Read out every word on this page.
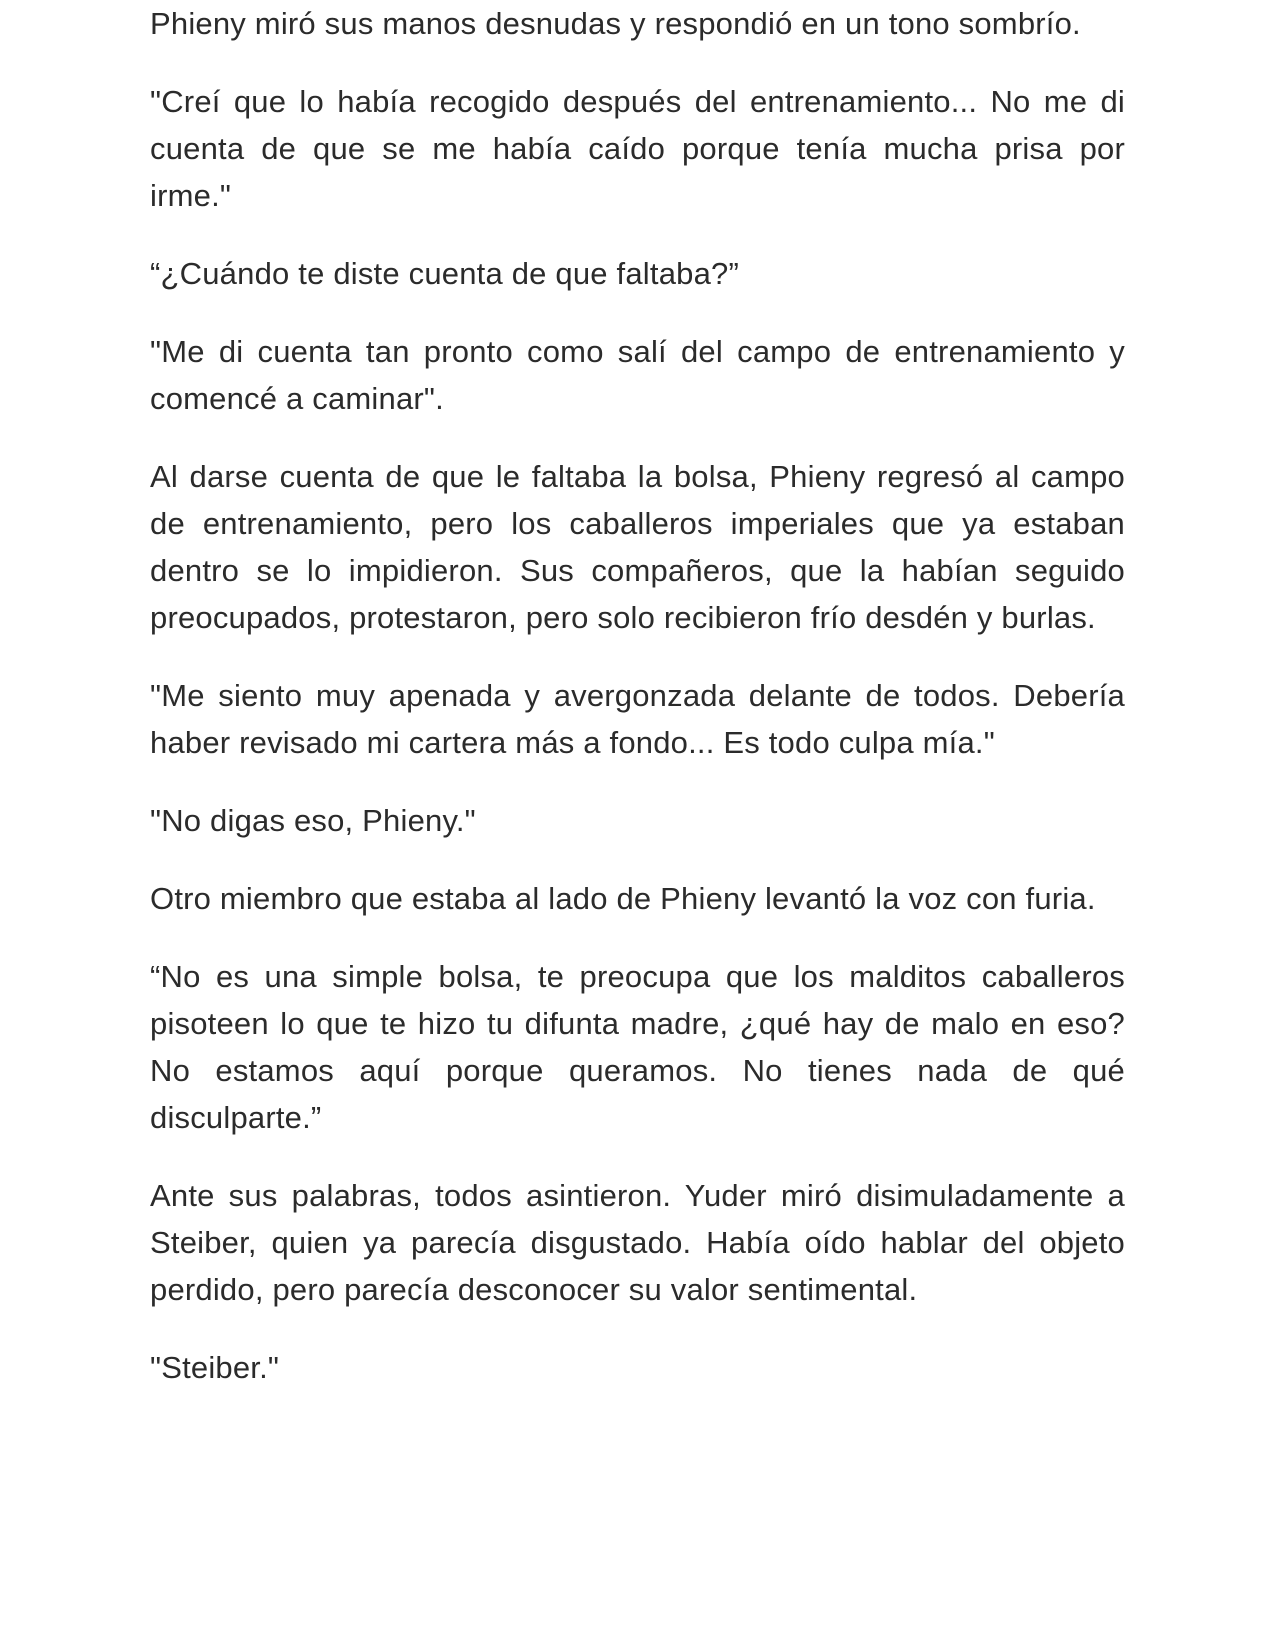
Phieny miró sus manos desnudas y respondió en un tono sombrío.

"Creí que lo había recogido después del entrenamiento... No me di cuenta de que se me había caído porque tenía mucha prisa por irme."

“¿Cuándo te diste cuenta de que faltaba?”

"Me di cuenta tan pronto como salí del campo de entrenamiento y comencé a caminar".

Al darse cuenta de que le faltaba la bolsa, Phieny regresó al campo de entrenamiento, pero los caballeros imperiales que ya estaban dentro se lo impidieron. Sus compañeros, que la habían seguido preocupados, protestaron, pero solo recibieron frío desdén y burlas.

"Me siento muy apenada y avergonzada delante de todos. Debería haber revisado mi cartera más a fondo... Es todo culpa mía."

"No digas eso, Phieny."

Otro miembro que estaba al lado de Phieny levantó la voz con furia.

“No es una simple bolsa, te preocupa que los malditos caballeros pisoteen lo que te hizo tu difunta madre, ¿qué hay de malo en eso? No estamos aquí porque queramos. No tienes nada de qué disculparte.”

Ante sus palabras, todos asintieron. Yuder miró disimuladamente a Steiber, quien ya parecía disgustado. Había oído hablar del objeto perdido, pero parecía desconocer su valor sentimental.

"Steiber."
